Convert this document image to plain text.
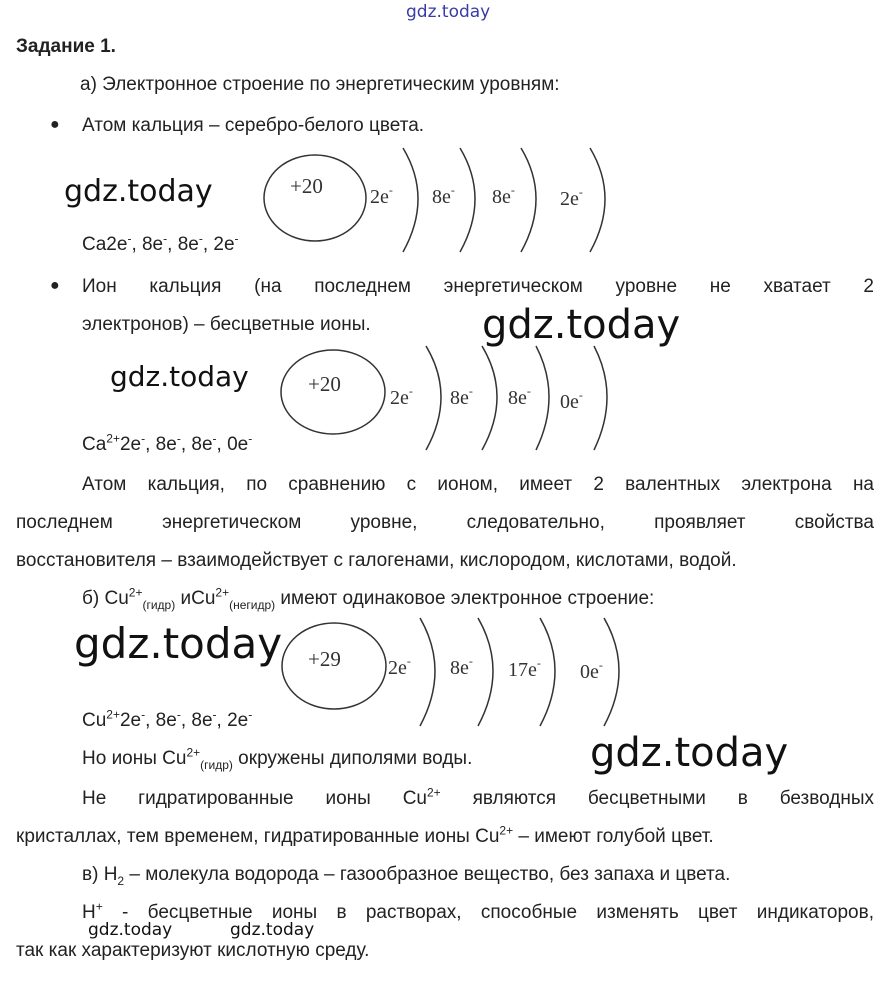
gdz.today
gdz.today
gdz.today
gdz.today
gdz.today
gdz.today
gdz.today	gdz.today
Задание 1.
а) Электронное строение по энергетическим уровням:
● Атом кальция – серебро-белого цвета.
+20 2e- 8e- 8e- 2e-
Ca2e-, 8e-, 8e-, 2e-
● Ион кальция (на последнем энергетическом уровне не хватает 2
электронов) – бесцветные ионы.
+20
2e- 8e- 8e- 0e-
$Ca^{2+}2e^-$, 8e-, 8e-, 0e-
Атом кальция, по сравнению с ионом, имеет 2 валентных электрона на
последнем энергетическом уровне, следовательно, проявляет свойства
восстановителя – взаимодействует с галогенами, кислородом, кислотами, водой.
б) $Cu^{2+}_{(гидр)}$ иCu$^{2+}_{(негидр)}$ имеют одинаковое электронное строение:
+29 2e- 8e- 17e- 0e-
$Cu^{2+}2e^-$, 8e-, 8e-, 2e-
Но ионы $Cu^{2+}_{(гидр)}$ окружены диполями воды.
Не гидратированные ионы $Cu^{2+}$ являются бесцветными в безводных
кристаллах, тем временем, гидратированные ионы $Cu^{2+}$ – имеют голубой цвет.
в) $H_2$ – молекула водорода – газообразное вещество, без запаха и цвета.
H+ - бесцветные ионы в растворах, способные изменять цвет индикаторов,
так как характеризуют кислотную среду.
